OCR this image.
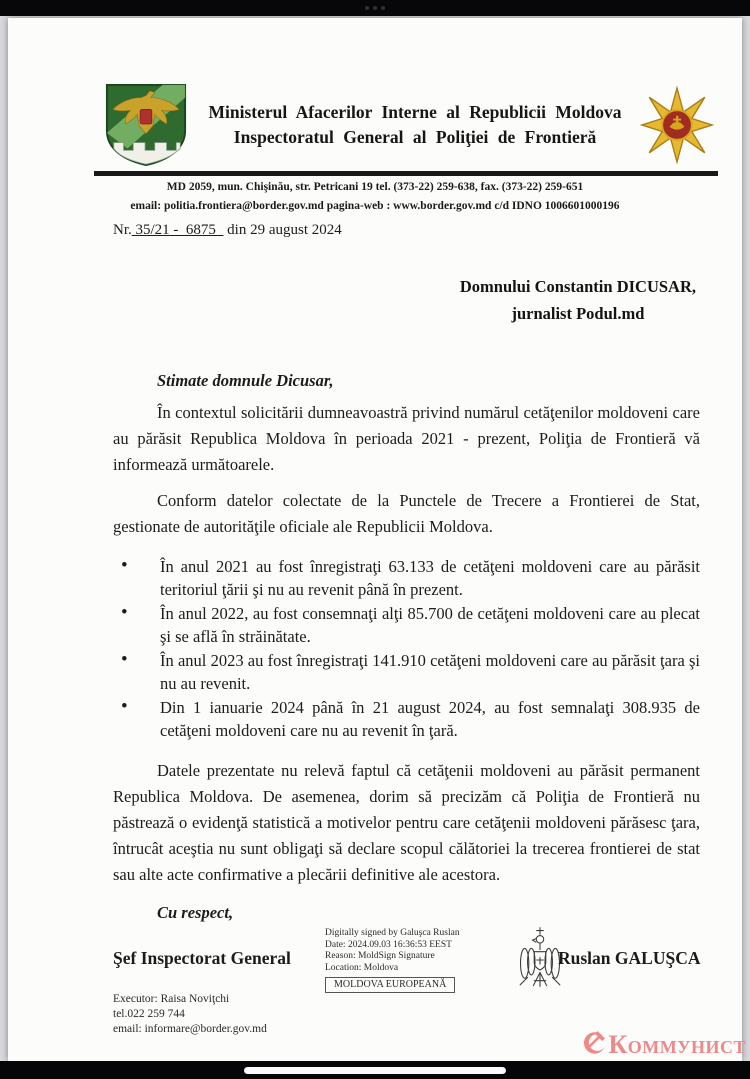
Ministerul Afacerilor Interne al Republicii Moldova
Inspectoratul General al Poliţiei de Frontieră
MD 2059, mun. Chişinău, str. Petricani 19 tel. (373-22) 259-638, fax. (373-22) 259-651
email: politia.frontiera@border.gov.md pagina-web : www.border.gov.md c/d IDNO 1006601000196
Nr. 35/21 -  6875   din 29 august 2024
Domnului Constantin DICUSAR,
jurnalist Podul.md
Stimate domnule Dicusar,

În contextul solicitării dumneavoastră privind numărul cetăţenilor moldoveni care au părăsit Republica Moldova în perioada 2021 - prezent, Poliţia de Frontieră vă informează următoarele.

Conform datelor colectate de la Punctele de Trecere a Frontierei de Stat, gestionate de autorităţile oficiale ale Republicii Moldova.

• În anul 2021 au fost înregistraţi 63.133 de cetăţeni moldoveni care au părăsit teritoriul ţării şi nu au revenit până în prezent.
• În anul 2022, au fost consemnaţi alţi 85.700 de cetăţeni moldoveni care au plecat şi se află în străinătate.
• În anul 2023 au fost înregistraţi 141.910 cetăţeni moldoveni care au părăsit ţara şi nu au revenit.
• Din 1 ianuarie 2024 până în 21 august 2024, au fost semnalaţi 308.935 de cetăţeni moldoveni care nu au revenit în ţară.

Datele prezentate nu relevă faptul că cetăţenii moldoveni au părăsit permanent Republica Moldova. De asemenea, dorim să precizăm că Poliţia de Frontieră nu păstrează o evidenţă statistică a motivelor pentru care cetăţenii moldoveni părăsesc ţara, întrucât aceştia nu sunt obligaţi să declare scopul călătoriei la trecerea frontierei de stat sau alte acte confirmative a plecării definitive ale acestora.

Cu respect,
Şef Inspectorat General
Digitally signed by Galuşca Ruslan
Date: 2024.09.03 16:36:53 EEST
Reason: MoldSign Signature
Location: Moldova
MOLDOVA EUROPEANĂ
Ruslan GALUŞCA
Executor: Raisa Noviţchi
tel.022 259 744
email: informare@border.gov.md
Коммунист
